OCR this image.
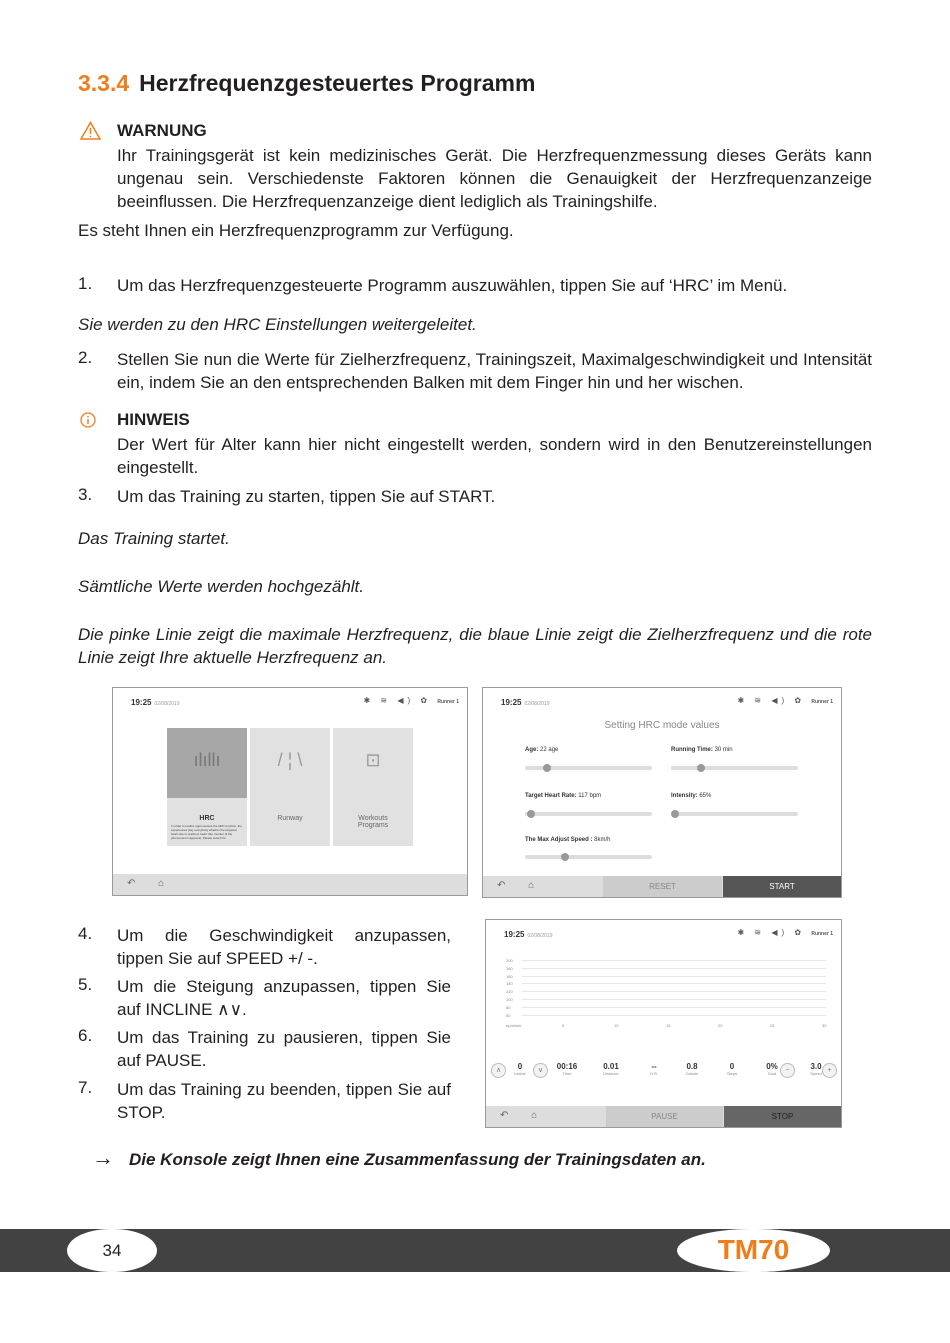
3.3.4 Herzfrequenzgesteuertes Programm
WARNUNG
Ihr Trainingsgerät ist kein medizinisches Gerät. Die Herzfrequenzmessung dieses Geräts kann ungenau sein. Verschiedenste Faktoren können die Genauigkeit der Herzfrequenzanzeige beeinflussen. Die Herzfrequenzanzeige dient lediglich als Trainingshilfe.
Es steht Ihnen ein Herzfrequenzprogramm zur Verfügung.
1. Um das Herzfrequenzgesteuerte Programm auszuwählen, tippen Sie auf ‘HRC’ im Menü.
Sie werden zu den HRC Einstellungen weitergeleitet.
2. Stellen Sie nun die Werte für Zielherzfrequenz, Trainingszeit, Maximalgeschwindigkeit und Intensität ein, indem Sie an den entsprechenden Balken mit dem Finger hin und her wischen.
HINWEIS
Der Wert für Alter kann hier nicht eingestellt werden, sondern wird in den Benutzereinstellungen eingestellt.
3. Um das Training zu starten, tippen Sie auf START.
Das Training startet.
Sämtliche Werte werden hochgezählt.
Die pinke Linie zeigt die maximale Herzfrequenz, die blaue Linie zeigt die Zielherzfrequenz und die rote Linie zeigt Ihre aktuelle Herzfrequenz an.
19:25 02/08/2019	✱ ≋ ◀) ✿ Runner 1
ılıllı
HRC
In order to realize rigorousness the HRC function, the experiences play everybody whether the targeted heart rate is reached, heart rate monitor (if the phenomenon appears). Please select the.
/ ¦ \
Runway
⊡
Workouts Programs
↶ ⌂
19:25 02/08/2019	✱ ≋ ◀) ✿ Runner 1
Setting HRC mode values
Age: 22 age	Running Time: 30 min
Target Heart Rate: 117 bpm	Intensity: 65%
The Max Adjust Speed : 8km/h
↶ ⌂	RESET	START
19:25 02/08/2019	✱ ≋ ◀) ✿ Runner 1
bpm/min
∧	∨	−	+
↶ ⌂	PAUSE	STOP
200
180
160
140
120
100
80
60
5	10	15	20	25	30
0
Incline
00:16
Time
0.01
Distance
--
H.R.
0.8
Calorie
0
Steps
0%
Goal
3.0
Speed
4. Um die Geschwindigkeit anzupassen, tippen Sie auf SPEED +/ -.
5. Um die Steigung anzupassen, tippen Sie auf INCLINE ∧∨.
6. Um das Training zu pausieren, tippen Sie auf PAUSE.
7. Um das Training zu beenden, tippen Sie auf STOP.
→ Die Konsole zeigt Ihnen eine Zusammenfassung der Trainingsdaten an.
34	TM70
